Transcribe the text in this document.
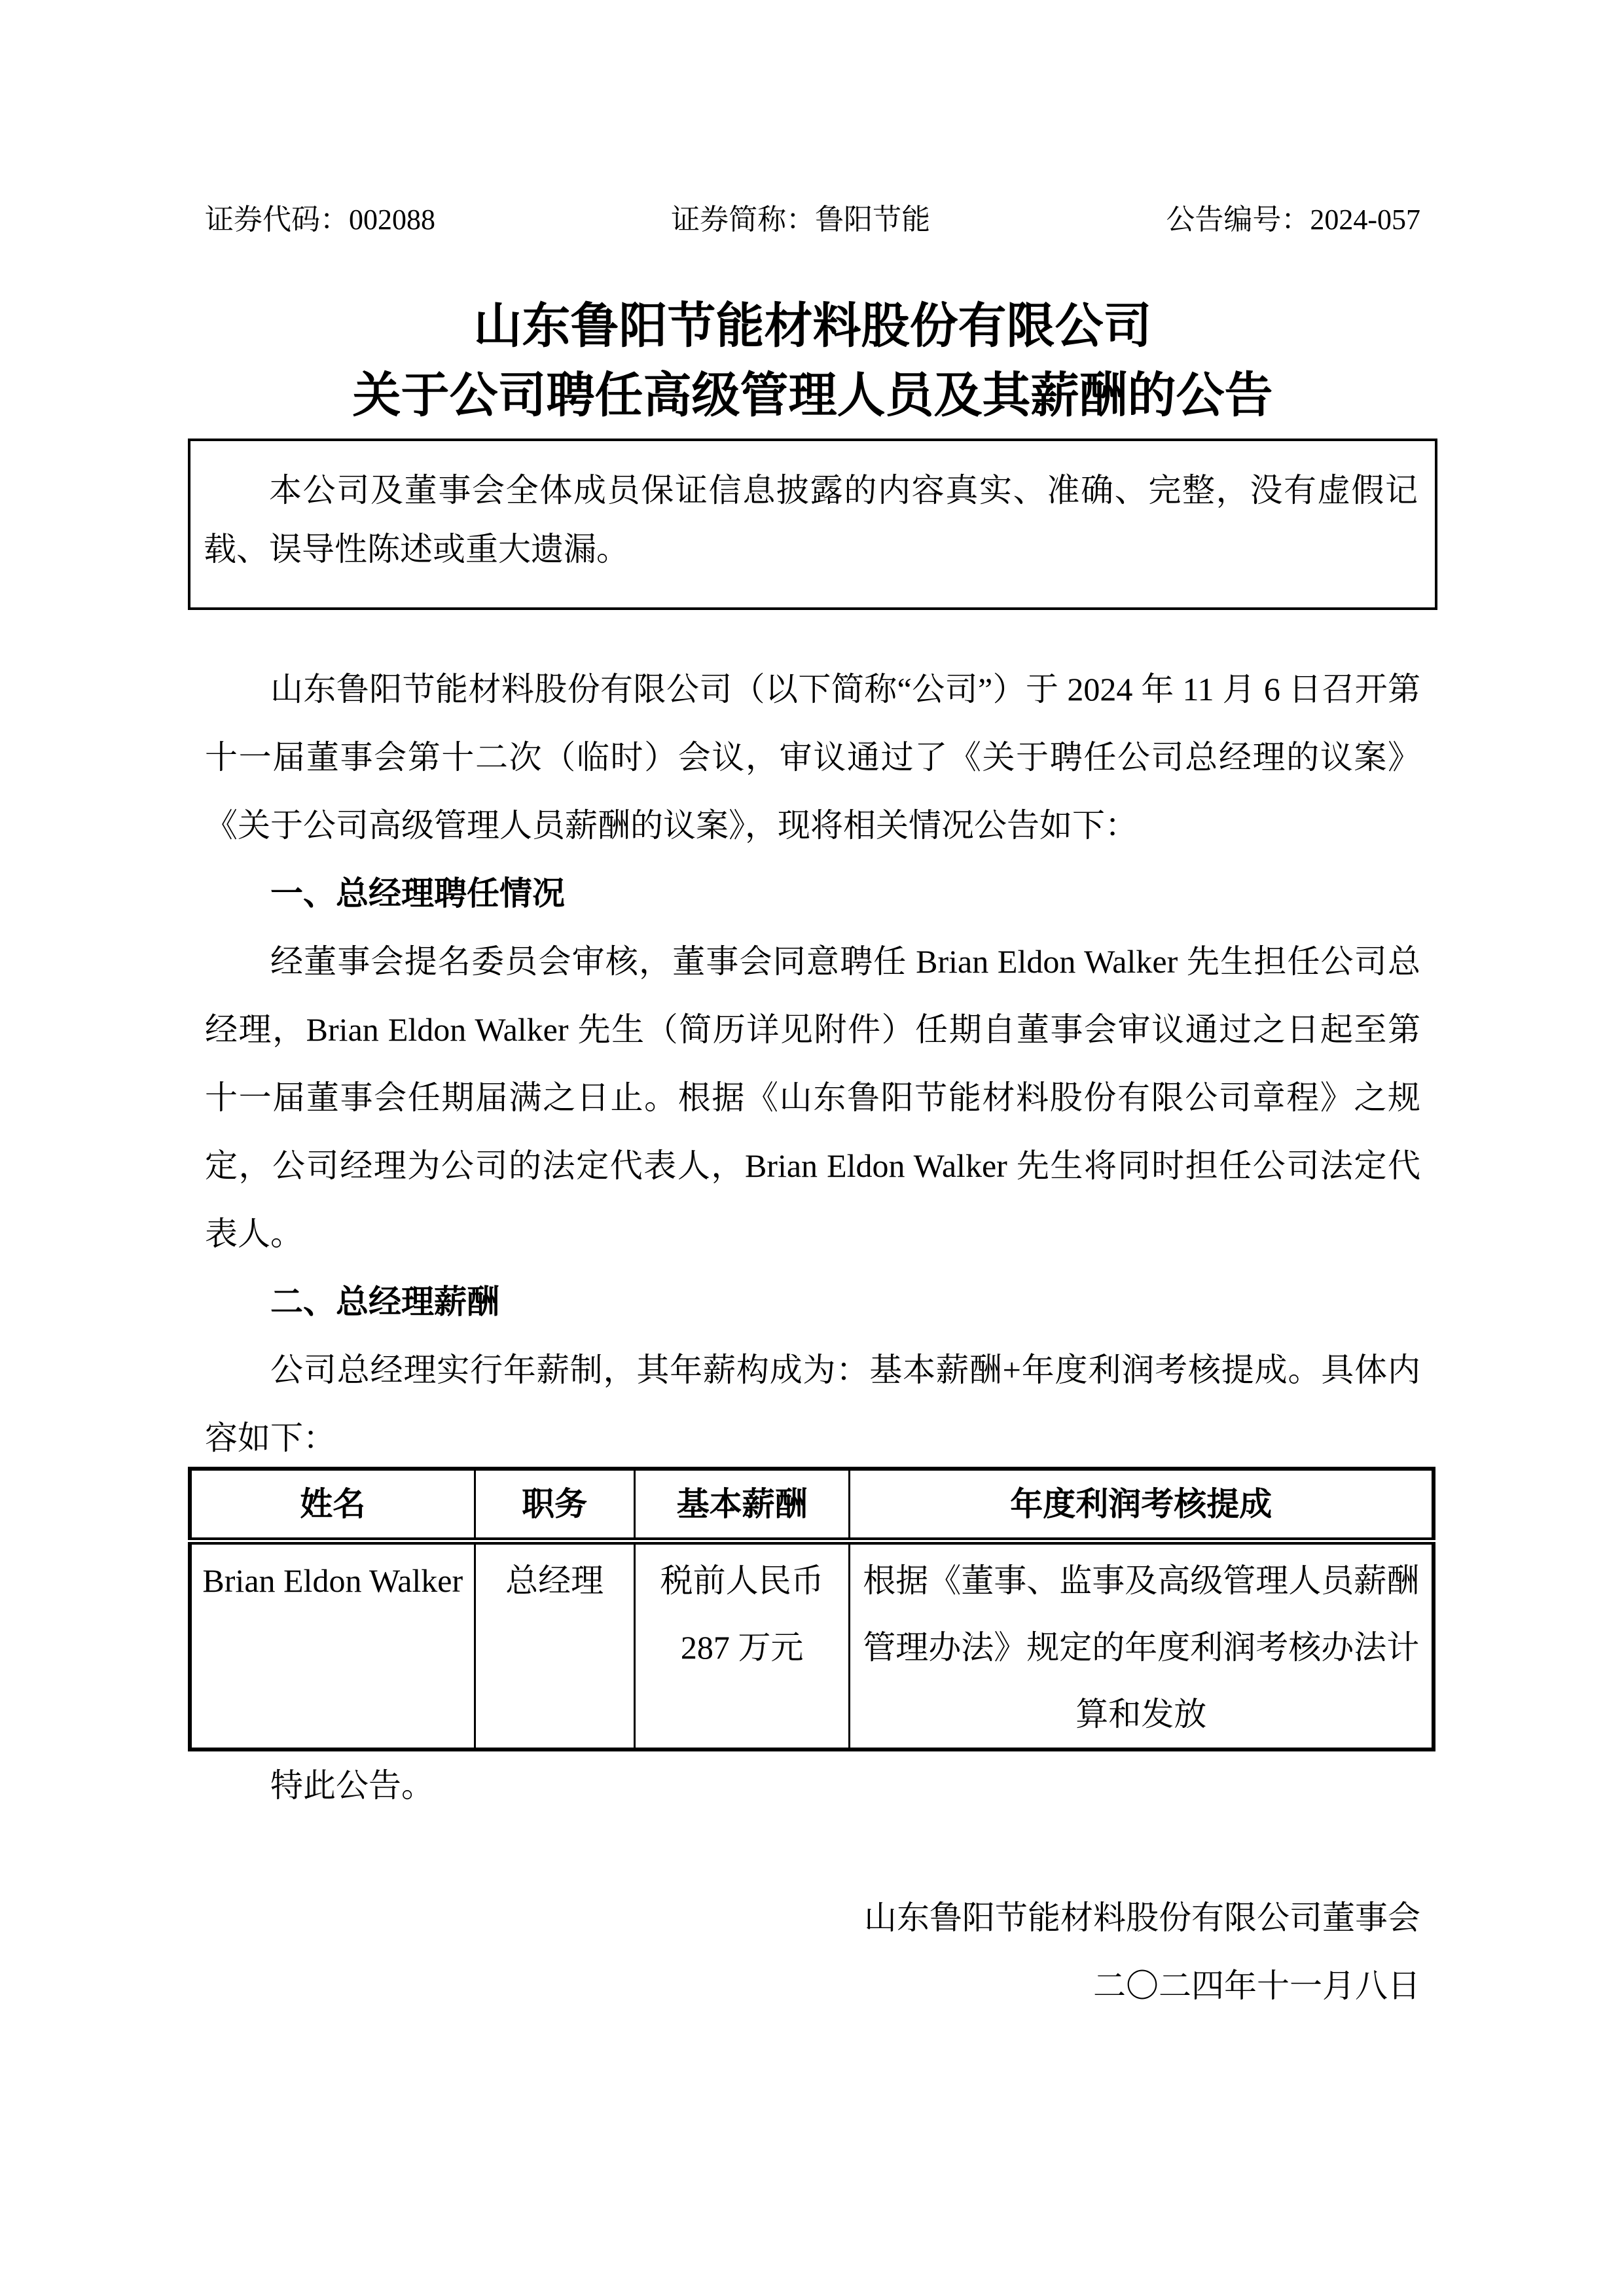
证券代码：002088	证券简称：鲁阳节能	公告编号：2024-057
山东鲁阳节能材料股份有限公司
关于公司聘任高级管理人员及其薪酬的公告

本公司及董事会全体成员保证信息披露的内容真实、准确、完整，没有虚假记载、误导性陈述或重大遗漏。

山东鲁阳节能材料股份有限公司（以下简称“公司”）于 2024 年 11 月 6 日召开第十一届董事会第十二次（临时）会议，审议通过了《关于聘任公司总经理的议案》《关于公司高级管理人员薪酬的议案》，现将相关情况公告如下：

一、总经理聘任情况

经董事会提名委员会审核，董事会同意聘任 Brian Eldon Walker 先生担任公司总经理，Brian Eldon Walker 先生（简历详见附件）任期自董事会审议通过之日起至第十一届董事会任期届满之日止。根据《山东鲁阳节能材料股份有限公司章程》之规定，公司经理为公司的法定代表人，Brian Eldon Walker 先生将同时担任公司法定代表人。

二、总经理薪酬

公司总经理实行年薪制，其年薪构成为：基本薪酬+年度利润考核提成。具体内容如下：

姓名	职务	基本薪酬	年度利润考核提成
Brian Eldon Walker	总经理	税前人民币 287 万元	根据《董事、监事及高级管理人员薪酬管理办法》规定的年度利润考核办法计算和发放

特此公告。

山东鲁阳节能材料股份有限公司董事会

二〇二四年十一月八日
